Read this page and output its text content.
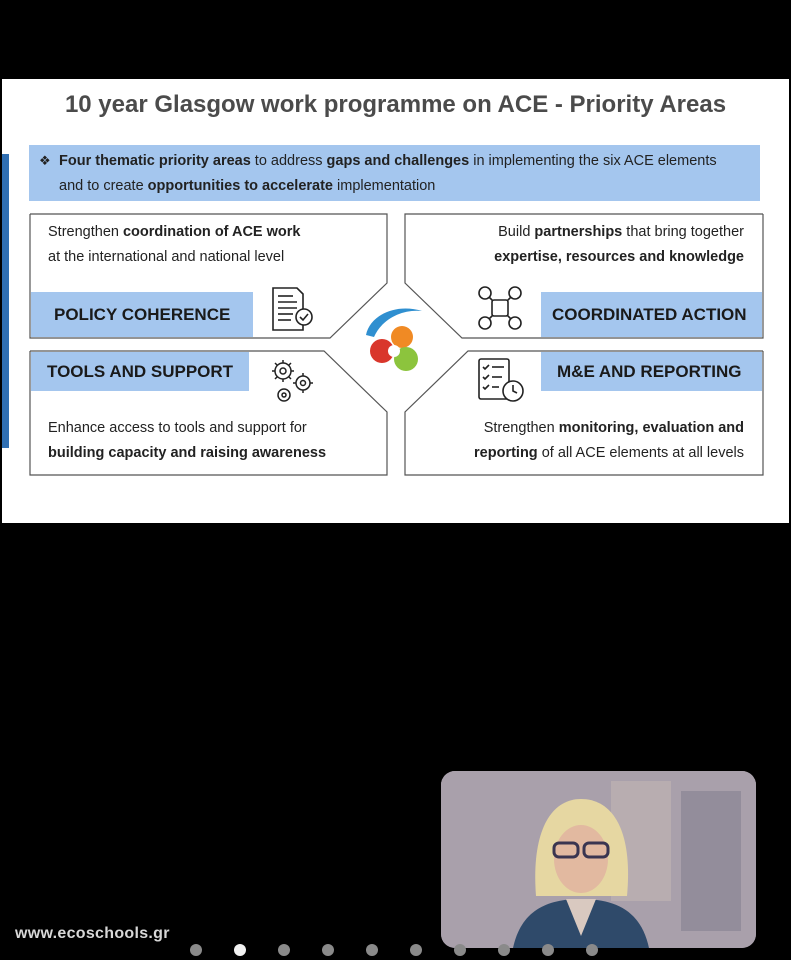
10 year Glasgow work programme on ACE - Priority Areas
❖ Four thematic priority areas to address gaps and challenges in implementing the six ACE elements
and to create opportunities to accelerate implementation
Strengthen coordination of ACE work
at the international and national level
POLICY COHERENCE
Build partnerships that bring together
expertise, resources and knowledge
COORDINATED ACTION
TOOLS AND SUPPORT
Enhance access to tools and support for
building capacity and raising awareness
M&E AND REPORTING
Strengthen monitoring, evaluation and
reporting of all ACE elements at all levels
www.ecoschools.gr
